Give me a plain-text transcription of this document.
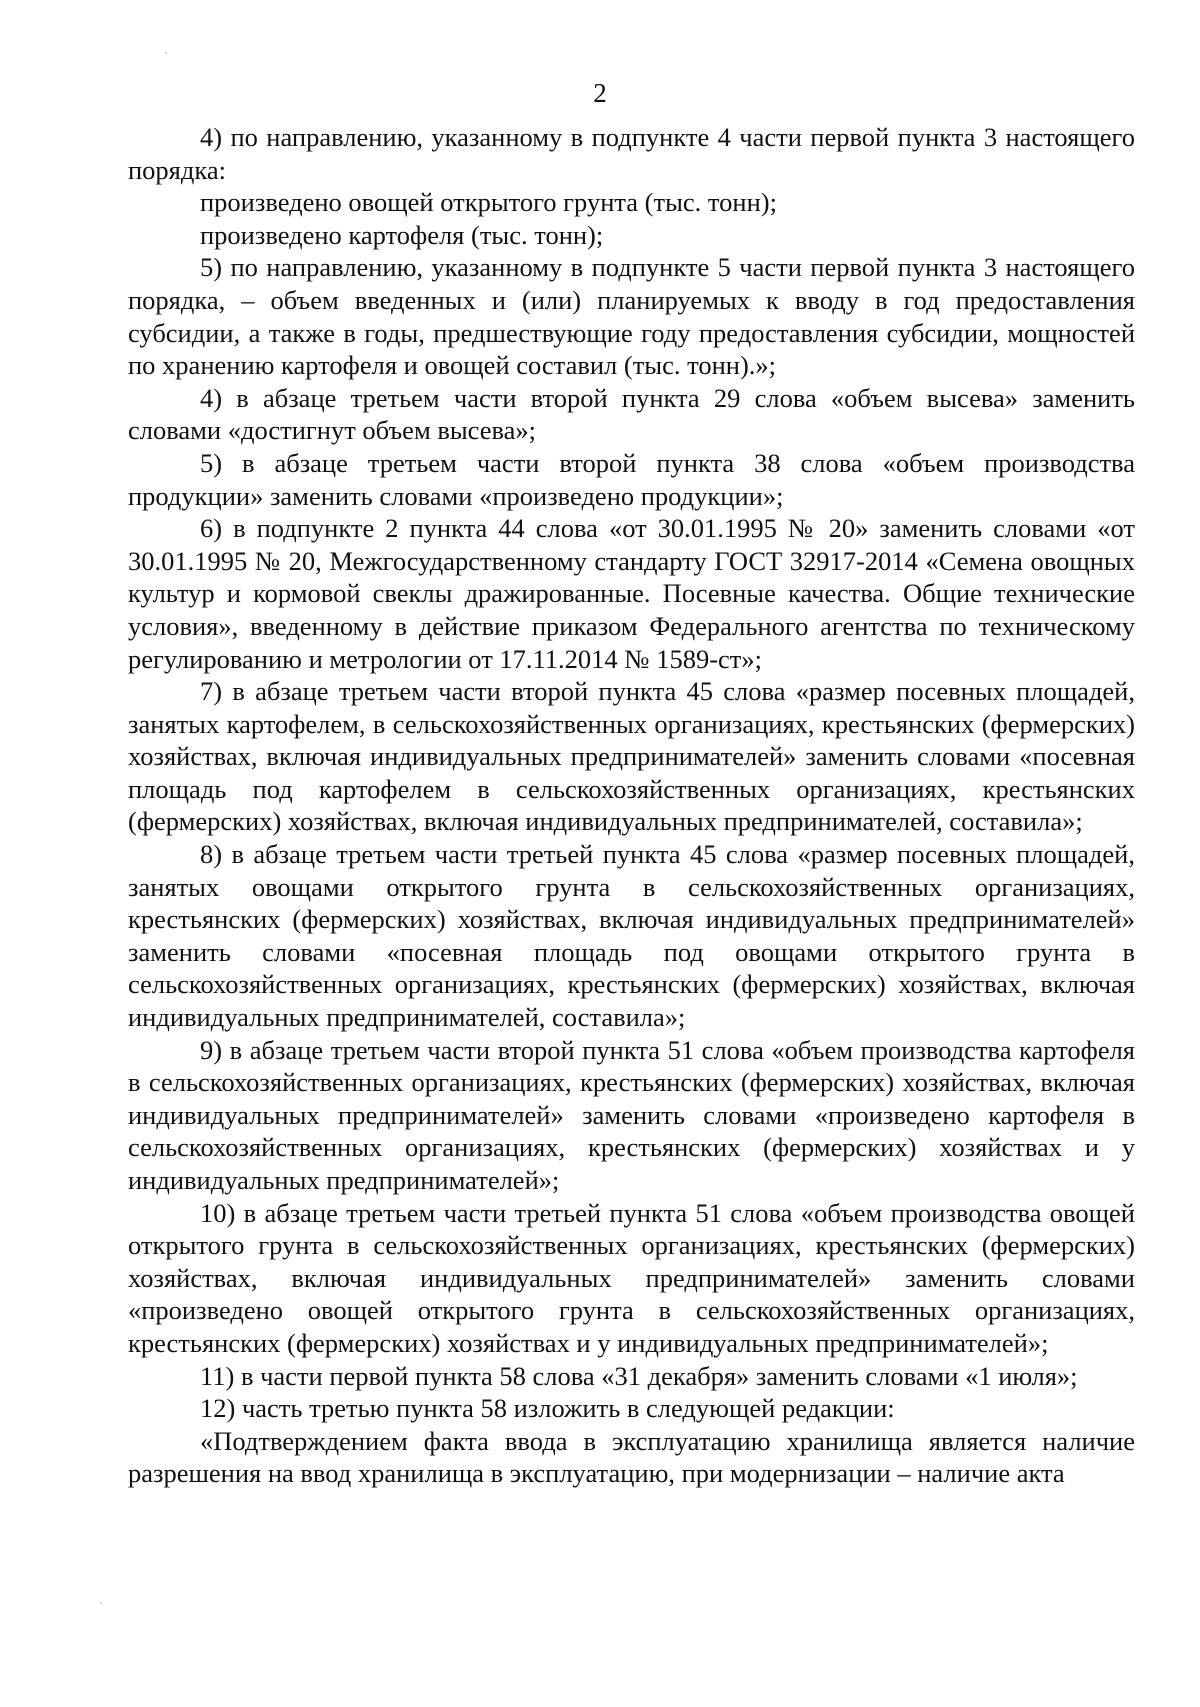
2

4) по направлению, указанному в подпункте 4 части первой пункта 3 настоящего порядка:

произведено овощей открытого грунта (тыс. тонн);

произведено картофеля (тыс. тонн);

5) по направлению, указанному в подпункте 5 части первой пункта 3 настоящего порядка, – объем введенных и (или) планируемых к вводу в год предоставления субсидии, а также в годы, предшествующие году предоставления субсидии, мощностей по хранению картофеля и овощей составил (тыс. тонн).»;

4) в абзаце третьем части второй пункта 29 слова «объем высева» заменить словами «достигнут объем высева»;

5) в абзаце третьем части второй пункта 38 слова «объем производства продукции» заменить словами «произведено продукции»;

6) в подпункте 2 пункта 44 слова «от 30.01.1995 № 20» заменить словами «от 30.01.1995 № 20, Межгосударственному стандарту ГОСТ 32917-2014 «Семена овощных культур и кормовой свеклы дражированные. Посевные качества. Общие технические условия», введенному в действие приказом Федерального агентства по техническому регулированию и метрологии от 17.11.2014 № 1589-ст»;

7) в абзаце третьем части второй пункта 45 слова «размер посевных площадей, занятых картофелем, в сельскохозяйственных организациях, крестьянских (фермерских) хозяйствах, включая индивидуальных предпринимателей» заменить словами «посевная площадь под картофелем в сельскохозяйственных организациях, крестьянских (фермерских) хозяйствах, включая индивидуальных предпринимателей, составила»;

8) в абзаце третьем части третьей пункта 45 слова «размер посевных площадей, занятых овощами открытого грунта в сельскохозяйственных организациях, крестьянских (фермерских) хозяйствах, включая индивидуальных предпринимателей» заменить словами «посевная площадь под овощами открытого грунта в сельскохозяйственных организациях, крестьянских (фермерских) хозяйствах, включая индивидуальных предпринимателей, составила»;

9) в абзаце третьем части второй пункта 51 слова «объем производства картофеля в сельскохозяйственных организациях, крестьянских (фермерских) хозяйствах, включая индивидуальных предпринимателей» заменить словами «произведено картофеля в сельскохозяйственных организациях, крестьянских (фермерских) хозяйствах и у индивидуальных предпринимателей»;

10) в абзаце третьем части третьей пункта 51 слова «объем производства овощей открытого грунта в сельскохозяйственных организациях, крестьянских (фермерских) хозяйствах, включая индивидуальных предпринимателей» заменить словами «произведено овощей открытого грунта в сельскохозяйственных организациях, крестьянских (фермерских) хозяйствах и у индивидуальных предпринимателей»;

11) в части первой пункта 58 слова «31 декабря» заменить словами «1 июля»;

12) часть третью пункта 58 изложить в следующей редакции:

«Подтверждением факта ввода в эксплуатацию хранилища является наличие разрешения на ввод хранилища в эксплуатацию, при модернизации – наличие акта
